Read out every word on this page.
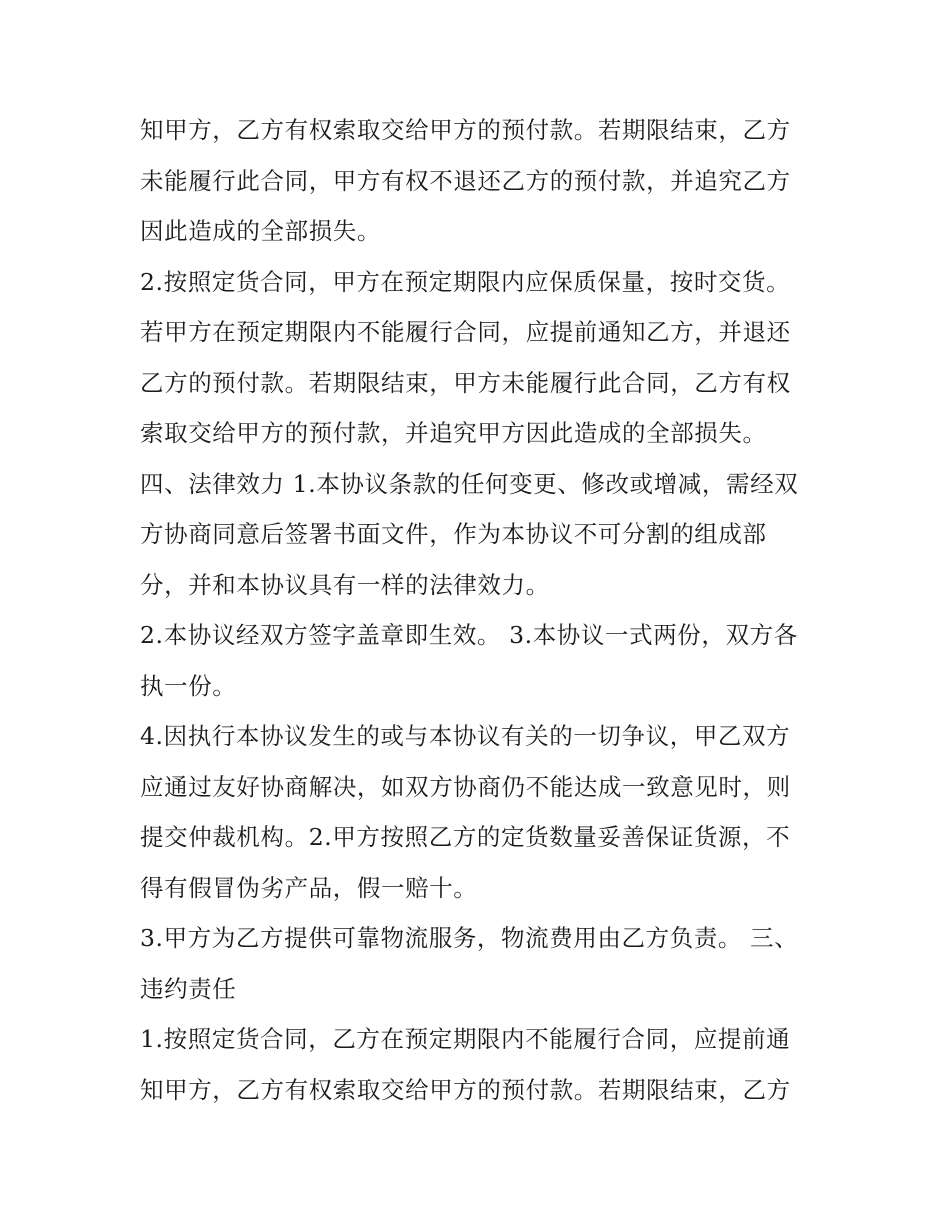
知甲方，乙方有权索取交给甲方的预付款。若期限结束，乙方
未能履行此合同，甲方有权不退还乙方的预付款，并追究乙方
因此造成的全部损失。
2.按照定货合同，甲方在预定期限内应保质保量，按时交货。
若甲方在预定期限内不能履行合同，应提前通知乙方，并退还
乙方的预付款。若期限结束，甲方未能履行此合同，乙方有权
索取交给甲方的预付款，并追究甲方因此造成的全部损失。
四、法律效力 1.本协议条款的任何变更、修改或增减，需经双
方协商同意后签署书面文件，作为本协议不可分割的组成部
分，并和本协议具有一样的法律效力。
2.本协议经双方签字盖章即生效。 3.本协议一式两份，双方各
执一份。
4.因执行本协议发生的或与本协议有关的一切争议，甲乙双方
应通过友好协商解决，如双方协商仍不能达成一致意见时，则
提交仲裁机构。2.甲方按照乙方的定货数量妥善保证货源，不
得有假冒伪劣产品，假一赔十。
3.甲方为乙方提供可靠物流服务，物流费用由乙方负责。 三、
违约责任
1.按照定货合同，乙方在预定期限内不能履行合同，应提前通
知甲方，乙方有权索取交给甲方的预付款。若期限结束，乙方
